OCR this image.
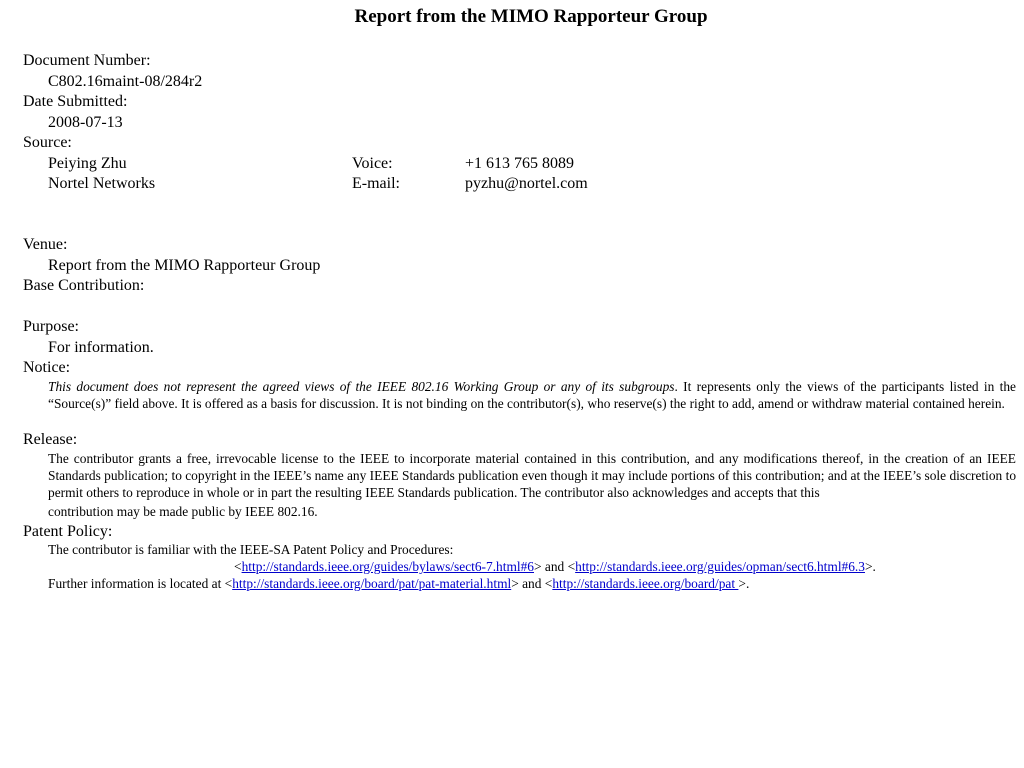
Report from the MIMO Rapporteur Group
Document Number:
C802.16maint-08/284r2
Date Submitted:
2008-07-13
Source:
Peiying Zhu	Voice:	+1 613 765 8089
Nortel Networks	E-mail:	pyzhu@nortel.com
Venue:
Report from the MIMO Rapporteur Group
Base Contribution:
Purpose:
For information.
Notice:
This document does not represent the agreed views of the IEEE 802.16 Working Group or any of its subgroups. It represents only the views of the participants listed in the “Source(s)” field above. It is offered as a basis for discussion. It is not binding on the contributor(s), who reserve(s) the right to add, amend or withdraw material contained herein.
Release:
The contributor grants a free, irrevocable license to the IEEE to incorporate material contained in this contribution, and any modifications thereof, in the creation of an IEEE Standards publication; to copyright in the IEEE’s name any IEEE Standards publication even though it may include portions of this contribution; and at the IEEE’s sole discretion to permit others to reproduce in whole or in part the resulting IEEE Standards publication. The contributor also acknowledges and accepts that this
contribution may be made public by IEEE 802.16.
Patent Policy:
The contributor is familiar with the IEEE-SA Patent Policy and Procedures:
<http://standards.ieee.org/guides/bylaws/sect6-7.html#6> and <http://standards.ieee.org/guides/opman/sect6.html#6.3>.
Further information is located at <http://standards.ieee.org/board/pat/pat-material.html> and <http://standards.ieee.org/board/pat >.
